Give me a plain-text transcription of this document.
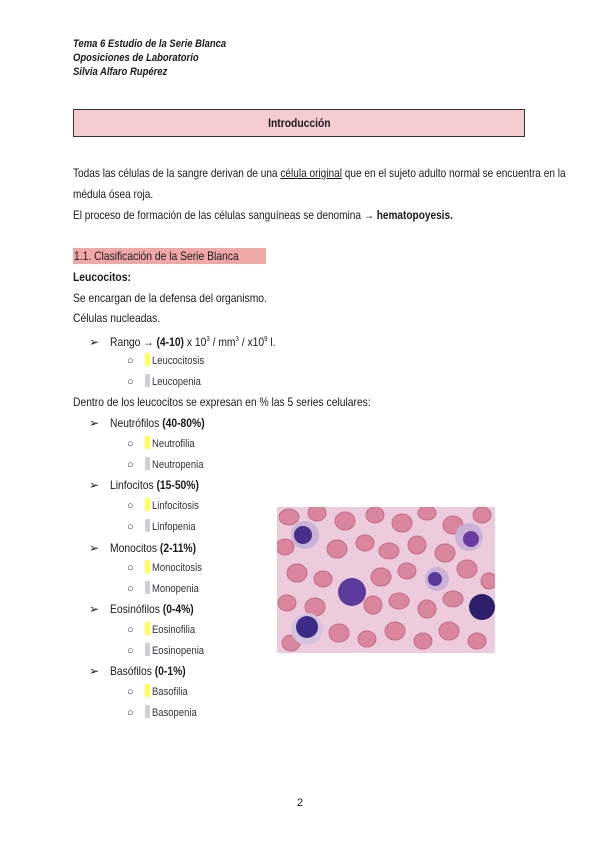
Tema 6 Estudio de la Serie Blanca
Oposiciones de Laboratorio
Silvia Alfaro Rupérez
Introducción
Todas las células de la sangre derivan de una célula original que en el sujeto adulto normal se encuentra en la
médula ósea roja.
El proceso de formación de las células sanguíneas se denomina → hematopoyesis.
1.1. Clasificación de la Serie Blanca
Leucocitos:
Se encargan de la defensa del organismo.
Células nucleadas.
➢ Rango → (4-10) x $10^3 / mm^3 / x10^9$ l.
○ Leucocitosis
○ Leucopenia
Dentro de los leucocitos se expresan en % las 5 series celulares:
➢ Neutrófilos (40-80%)
○ Neutrofilia
○ Neutropenia
➢ Linfocitos (15-50%)
○ Linfocitosis
○ Linfopenia
➢ Monocitos (2-11%)
○ Monocitosis
○ Monopenia
➢ Eosinófilos (0-4%)
○ Eosinofilia
○ Eosinopenia
➢ Basófilos (0-1%)
○ Basofilia
○ Basopenia
2
